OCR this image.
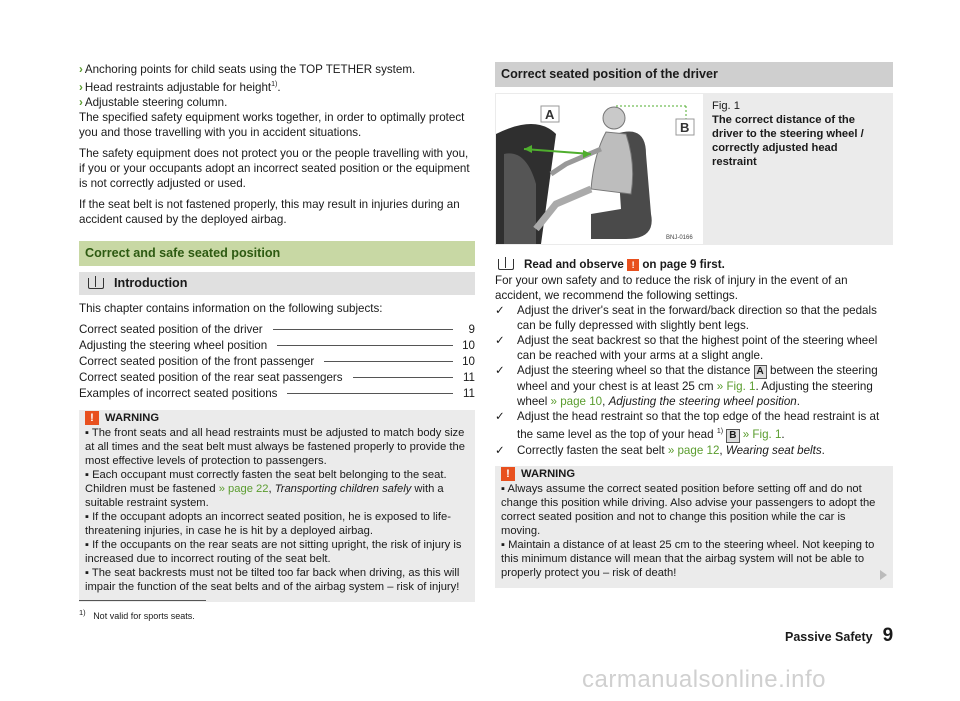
› Anchoring points for child seats using the TOP TETHER system.
› Head restraints adjustable for height$^{1)}$.
› Adjustable steering column.

The specified safety equipment works together, in order to optimally protect you and those travelling with you in accident situations.

The safety equipment does not protect you or the people travelling with you, if you or your occupants adopt an incorrect seated position or the equipment is not correctly adjusted or used.

If the seat belt is not fastened properly, this may result in injuries during an accident caused by the deployed airbag.

Correct and safe seated position
Introduction

This chapter contains information on the following subjects:

Correct seated position of the driver	9
Adjusting the steering wheel position	10
Correct seated position of the front passenger	10
Correct seated position of the rear seat passengers	11
Examples of incorrect seated positions	11
! WARNING

▪ The front seats and all head restraints must be adjusted to match body size at all times and the seat belt must always be fastened properly to provide the most effective levels of protection to passengers.

▪ Each occupant must correctly fasten the seat belt belonging to the seat. Children must be fastened » page 22, Transporting children safely with a suitable restraint system.

▪ If the occupant adopts an incorrect seated position, he is exposed to life-threatening injuries, in case he is hit by a deployed airbag.

▪ If the occupants on the rear seats are not sitting upright, the risk of injury is increased due to incorrect routing of the seat belt.

▪ The seat backrests must not be tilted too far back when driving, as this will impair the function of the seat belts and of the airbag system – risk of injury!

Correct seated position of the driver
A
B
BNJ-0166
Fig. 1

The correct distance of the driver to the steering wheel / correctly adjusted head restraint
Read and observe
!
on page 9 first.

For your own safety and to reduce the risk of injury in the event of an accident, we recommend the following settings.

✓	Adjust the driver's seat in the forward/back direction so that the pedals can be fully depressed with slightly bent legs.
✓	Adjust the seat backrest so that the highest point of the steering wheel can be reached with your arms at a slight angle.
✓	Adjust the steering wheel so that the distance A between the steering wheel and your chest is at least 25 cm » Fig. 1. Adjusting the steering wheel » page 10, Adjusting the steering wheel position.
✓	Adjust the head restraint so that the top edge of the head restraint is at the same level as the top of your head $^{1)}$ B » Fig. 1.
✓	Correctly fasten the seat belt » page 12, Wearing seat belts.
! WARNING

▪ Always assume the correct seated position before setting off and do not change this position while driving. Also advise your passengers to adopt the correct seated position and not to change this position while the car is moving.

▪ Maintain a distance of at least 25 cm to the steering wheel. Not keeping to this minimum distance will mean that the airbag system will not be able to properly protect you – risk of death!

$^{1)}$ Not valid for sports seats.
Passive Safety 9
carmanualsonline.info
